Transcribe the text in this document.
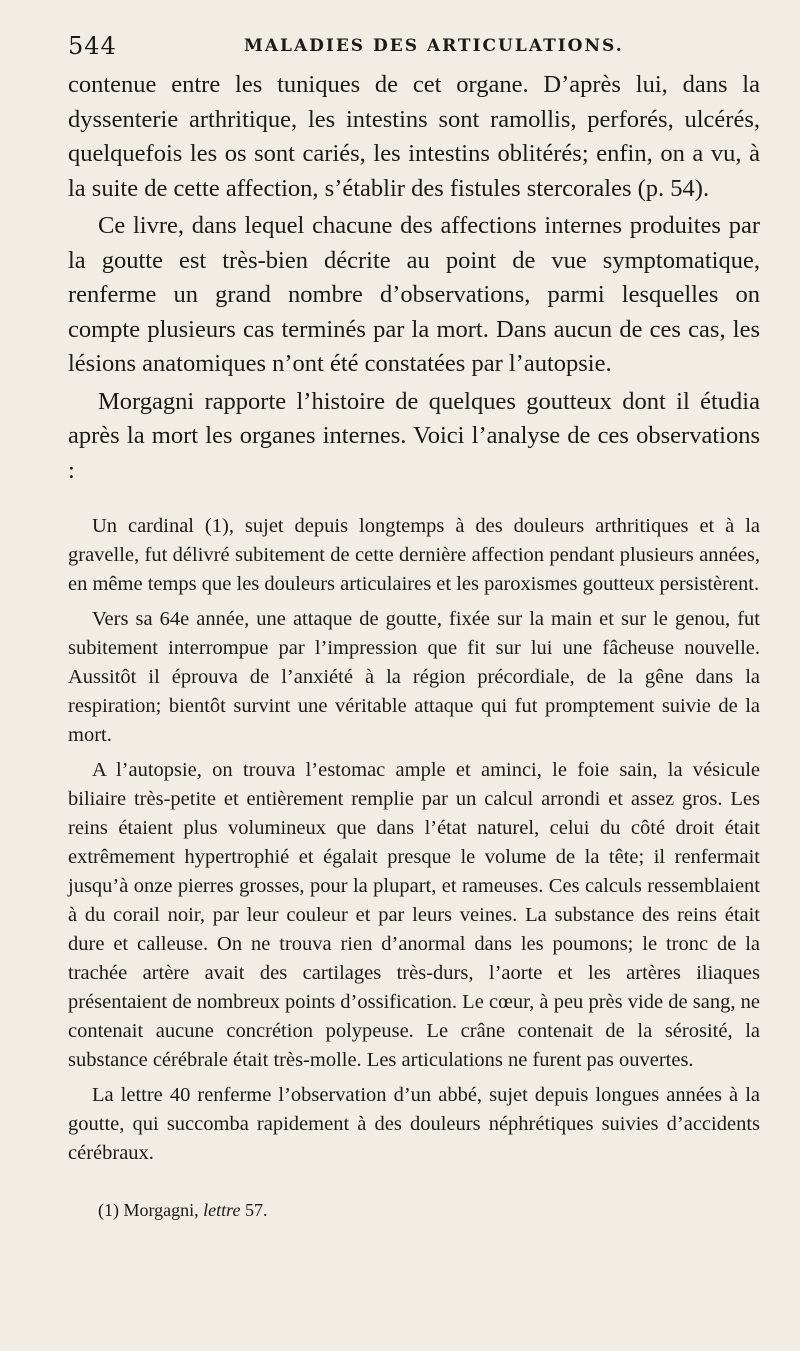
544	MALADIES DES ARTICULATIONS.

contenue entre les tuniques de cet organe. D’après lui, dans la dyssenterie arthritique, les intestins sont ramollis, perforés, ulcérés, quelquefois les os sont cariés, les intestins oblitérés; enfin, on a vu, à la suite de cette affection, s’établir des fistules stercorales (p. 54).

Ce livre, dans lequel chacune des affections internes produites par la goutte est très-bien décrite au point de vue symptomatique, renferme un grand nombre d’observations, parmi lesquelles on compte plusieurs cas terminés par la mort. Dans aucun de ces cas, les lésions anatomiques n’ont été constatées par l’autopsie.

Morgagni rapporte l’histoire de quelques goutteux dont il étudia après la mort les organes internes. Voici l’analyse de ces observations :

Un cardinal (1), sujet depuis longtemps à des douleurs arthritiques et à la gravelle, fut délivré subitement de cette dernière affection pendant plusieurs années, en même temps que les douleurs articulaires et les paroxismes goutteux persistèrent.

Vers sa 64e année, une attaque de goutte, fixée sur la main et sur le genou, fut subitement interrompue par l’impression que fit sur lui une fâcheuse nouvelle. Aussitôt il éprouva de l’anxiété à la région précordiale, de la gêne dans la respiration; bientôt survint une véritable attaque qui fut promptement suivie de la mort.

A l’autopsie, on trouva l’estomac ample et aminci, le foie sain, la vésicule biliaire très-petite et entièrement remplie par un calcul arrondi et assez gros. Les reins étaient plus volumineux que dans l’état naturel, celui du côté droit était extrêmement hypertrophié et égalait presque le volume de la tête; il renfermait jusqu’à onze pierres grosses, pour la plupart, et rameuses. Ces calculs ressemblaient à du corail noir, par leur couleur et par leurs veines. La substance des reins était dure et calleuse. On ne trouva rien d’anormal dans les poumons; le tronc de la trachée artère avait des cartilages très-durs, l’aorte et les artères iliaques présentaient de nombreux points d’ossification. Le cœur, à peu près vide de sang, ne contenait aucune concrétion polypeuse. Le crâne contenait de la sérosité, la substance cérébrale était très-molle. Les articulations ne furent pas ouvertes.

La lettre 40 renferme l’observation d’un abbé, sujet depuis longues années à la goutte, qui succomba rapidement à des douleurs néphrétiques suivies d’accidents cérébraux.

(1) Morgagni, lettre 57.
